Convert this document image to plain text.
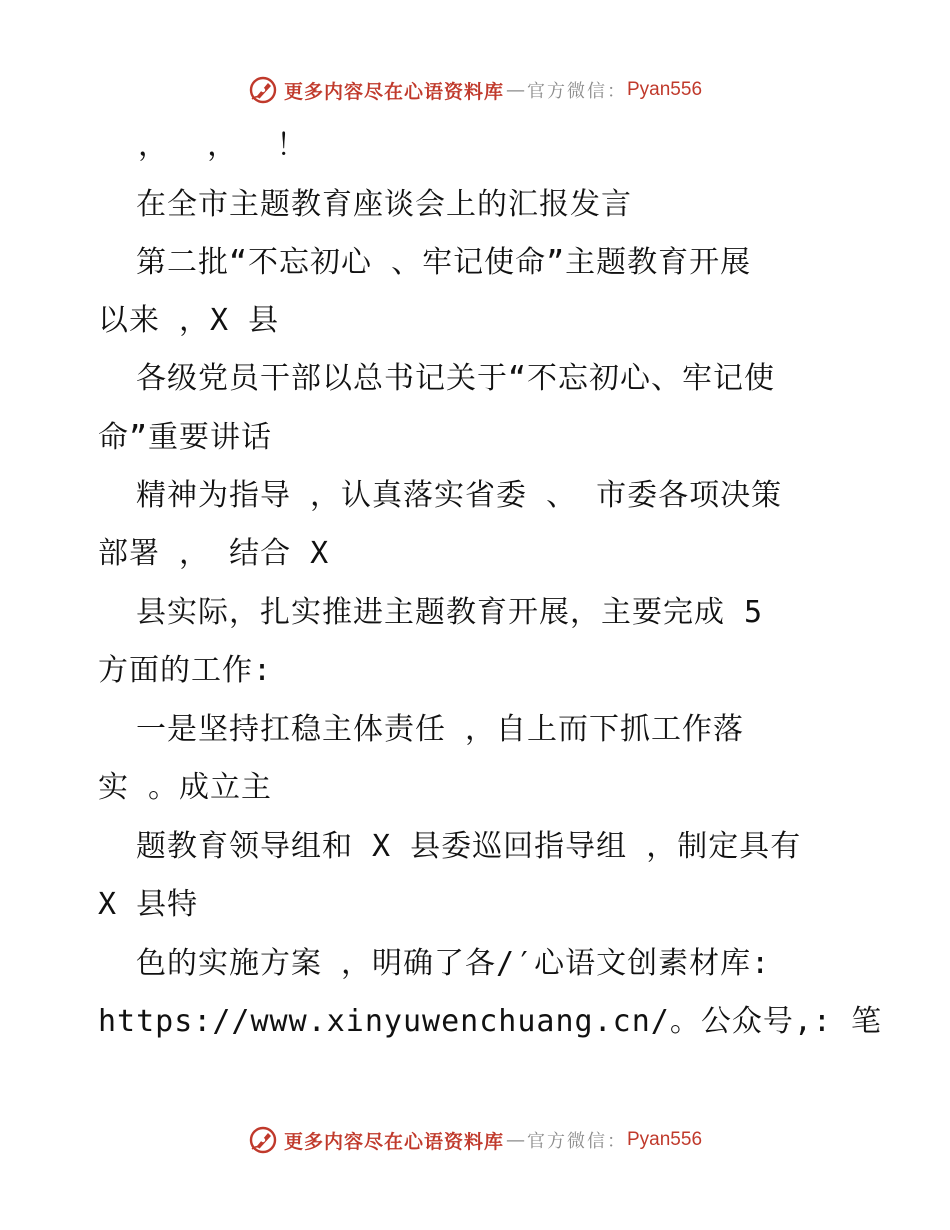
更多内容尽在心语资料库 — 官方微信： Pyan556
，  ，  ！
在全市主题教育座谈会上的汇报发言
第二批“不忘初心 、牢记使命”主题教育开展
以来 ，X 县
各级党员干部以总书记关于“不忘初心、牢记使
命”重要讲话
精神为指导 ，认真落实省委 、 市委各项决策
部署 ， 结合 X
县实际，扎实推进主题教育开展，主要完成 5
方面的工作:
一是坚持扛稳主体责任 ，自上而下抓工作落
实 。成立主
题教育领导组和 X 县委巡回指导组 ，制定具有
X 县特
色的实施方案 ，明确了各/′心语文创素材库:
https://www.xinyuwenchuang.cn/。公众号,: 笔
更多内容尽在心语资料库 — 官方微信： Pyan556
